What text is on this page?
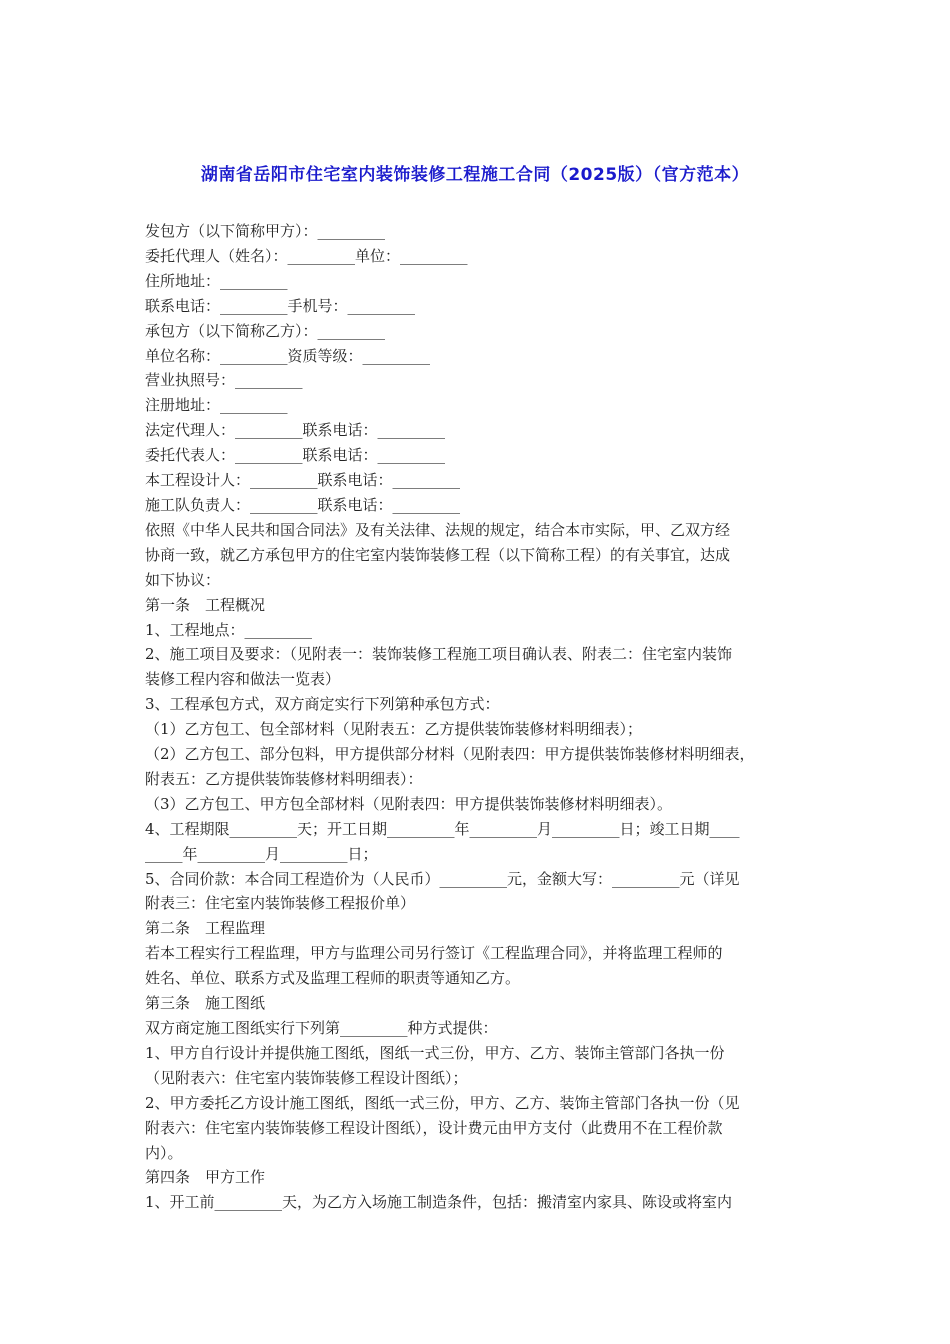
湖南省岳阳市住宅室内装饰装修工程施工合同（2025版）（官方范本）
发包方（以下简称甲方）：_________
委托代理人（姓名）：_________单位：_________
住所地址：_________
联系电话：_________手机号：_________
承包方（以下简称乙方）：_________
单位名称：_________资质等级：_________
营业执照号：_________
注册地址：_________
法定代理人：_________联系电话：_________
委托代表人：_________联系电话：_________
本工程设计人：_________联系电话：_________
施工队负责人：_________联系电话：_________
依照《中华人民共和国合同法》及有关法律、法规的规定，结合本市实际，甲、乙双方经
协商一致，就乙方承包甲方的住宅室内装饰装修工程（以下简称工程）的有关事宜，达成
如下协议：
第一条　工程概况
1、工程地点：_________
2、施工项目及要求：（见附表一：装饰装修工程施工项目确认表、附表二：住宅室内装饰
装修工程内容和做法一览表）
3、工程承包方式，双方商定实行下列第种承包方式：
（1）乙方包工、包全部材料（见附表五：乙方提供装饰装修材料明细表）；
（2）乙方包工、部分包料，甲方提供部分材料（见附表四：甲方提供装饰装修材料明细表，
附表五：乙方提供装饰装修材料明细表）：
（3）乙方包工、甲方包全部材料（见附表四：甲方提供装饰装修材料明细表）。
4、工程期限_________天；开工日期_________年_________月_________日；竣工日期____
_____年_________月_________日；
5、合同价款：本合同工程造价为（人民币）_________元，金额大写：_________元（详见
附表三：住宅室内装饰装修工程报价单）
第二条　工程监理
若本工程实行工程监理，甲方与监理公司另行签订《工程监理合同》，并将监理工程师的
姓名、单位、联系方式及监理工程师的职责等通知乙方。
第三条　施工图纸
双方商定施工图纸实行下列第_________种方式提供：
1、甲方自行设计并提供施工图纸，图纸一式三份，甲方、乙方、装饰主管部门各执一份
（见附表六：住宅室内装饰装修工程设计图纸）；
2、甲方委托乙方设计施工图纸，图纸一式三份，甲方、乙方、装饰主管部门各执一份（见
附表六：住宅室内装饰装修工程设计图纸），设计费元由甲方支付（此费用不在工程价款
内）。
第四条　甲方工作
1、开工前_________天，为乙方入场施工制造条件，包括：搬清室内家具、陈设或将室内
